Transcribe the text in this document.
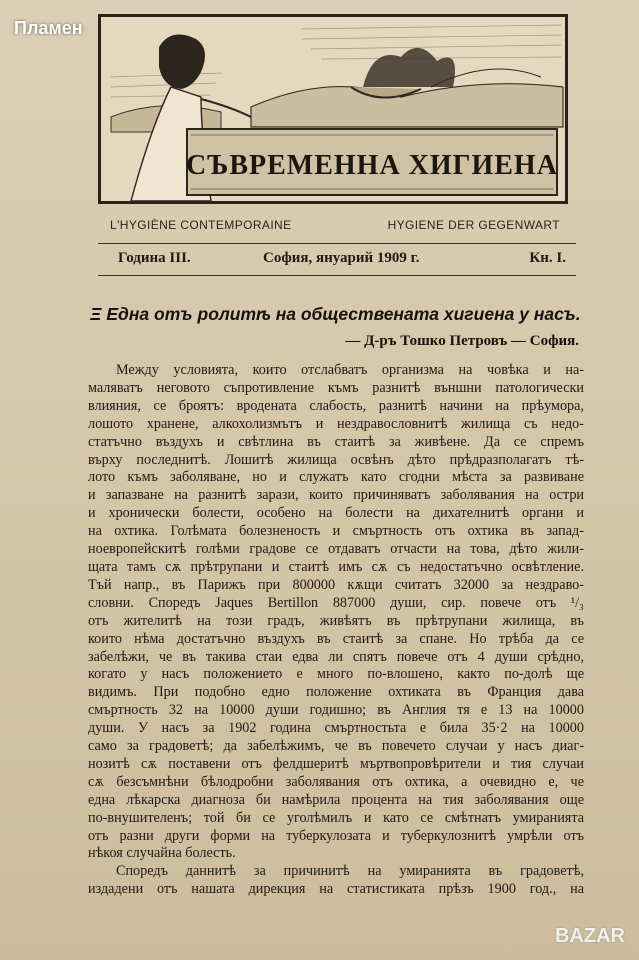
Пламен
СЪВРЕМЕННА ХИГИЕНА
L'HYGIÈNE CONTEMPORAINE	HYGIENE DER GEGENWART
Година III.	София, януарий 1909 г.	Кн. I.
Ξ Една отъ ролитѣ на обществената хигиена у насъ.
— Д-ръ Тошко Петровъ — София.
Между условията, които отслабватъ организма на човѣка и на-
маляватъ неговото съпротивление къмъ разнитѣ външни патологически
влияния, се броятъ: вродената слабость, разнитѣ начини на прѣумора,
лошото хранене, алкохолизмътъ и нездравословнитѣ жилища съ недо-
статъчно въздухъ и свѣтлина въ стаитѣ за живѣене. Да се спремъ
върху последнитѣ. Лошитѣ жилища освѣнъ дѣто прѣдразполагатъ тѣ-
лото къмъ заболяване, но и служатъ като сгодни мѣста за развиване
и запазване на разнитѣ зарази, които причиняватъ заболявания на остри
и хронически болести, особено на болести на дихателнитѣ органи и
на охтика. Голѣмата болезненость и смъртность отъ охтика въ запад-
ноевропейскитѣ голѣми градове се отдаватъ отчасти на това, дѣто жили-
щата тамъ сѫ прѣтрупани и стаитѣ имъ сѫ съ недостатъчно освѣтление.
Тъй напр., въ Парижъ при 800000 кѫщи считатъ 32000 за нездраво-
словни. Споредъ Jaques Bertillon 887000 души, сир. повече отъ ¹/₃
отъ жителитѣ на този градъ, живѣятъ въ прѣтрупани жилища, въ
които нѣма достатъчно въздухъ въ стаитѣ за спане. Но трѣба да се
забелѣжи, че въ такива стаи едва ли спятъ повече отъ 4 души срѣдно,
когато у насъ положението е много по-влошено, както по-долѣ ще
видимъ. При подобно едно положение охтиката въ Франция дава
смъртность 32 на 10000 души годишно; въ Англия тя е 13 на 10000
души. У насъ за 1902 година смъртностьта е била 35·2 на 10000
само за градоветѣ; да забелѣжимъ, че въ повечето случаи у насъ диаг-
нозитѣ сѫ поставени отъ фелдшеритѣ мъртвопровѣрители и тия случаи
сѫ безсъмнѣни бѣлодробни заболявания отъ охтика, а очевидно е, че
една лѣкарска диагноза би намѣрила процента на тия заболявания още
по-внушителенъ; той би се уголѣмилъ и като се смѣтнатъ умиранията
отъ разни други форми на туберкулозата и туберкулознитѣ умрѣли отъ
нѣкоя случайна болесть.
Споредъ даннитѣ за причинитѣ на умиранията въ градоветѣ,
издадени отъ нашата дирекция на статистиката прѣзъ 1900 год., на
BAZAR
